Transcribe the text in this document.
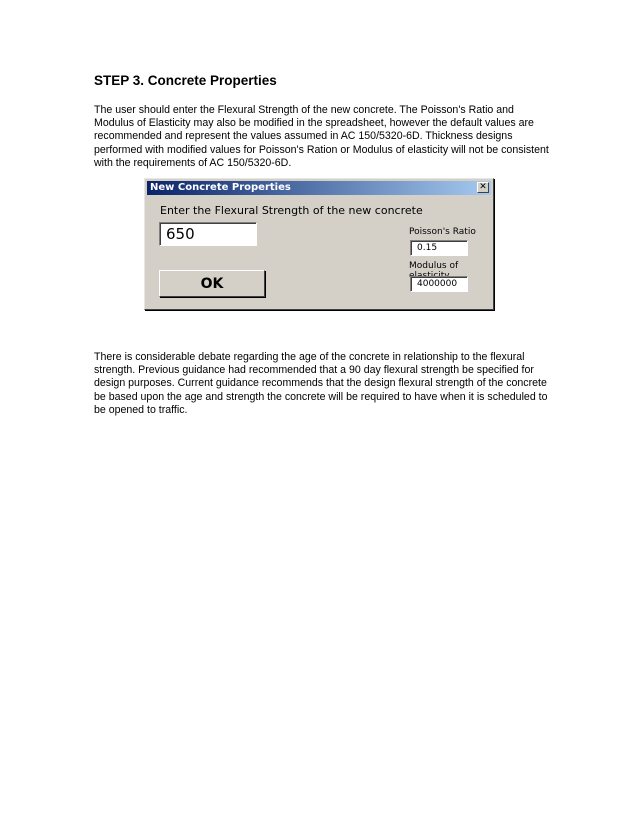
STEP 3. Concrete Properties

The user should enter the Flexural Strength of the new concrete. The Poisson's Ratio and Modulus of Elasticity may also be modified in the spreadsheet, however the default values are recommended and represent the values assumed in AC 150/5320-6D. Thickness designs performed with modified values for Poisson's Ration or Modulus of elasticity will not be consistent with the requirements of AC 150/5320-6D.

New Concrete Properties	✕
Enter the Flexural Strength of the new concrete
650
Poisson's Ratio
0.15
Modulus of
4000000
OK

There is considerable debate regarding the age of the concrete in relationship to the flexural strength. Previous guidance had recommended that a 90 day flexural strength be specified for design purposes. Current guidance recommends that the design flexural strength of the concrete be based upon the age and strength the concrete will be required to have when it is scheduled to be opened to traffic.
